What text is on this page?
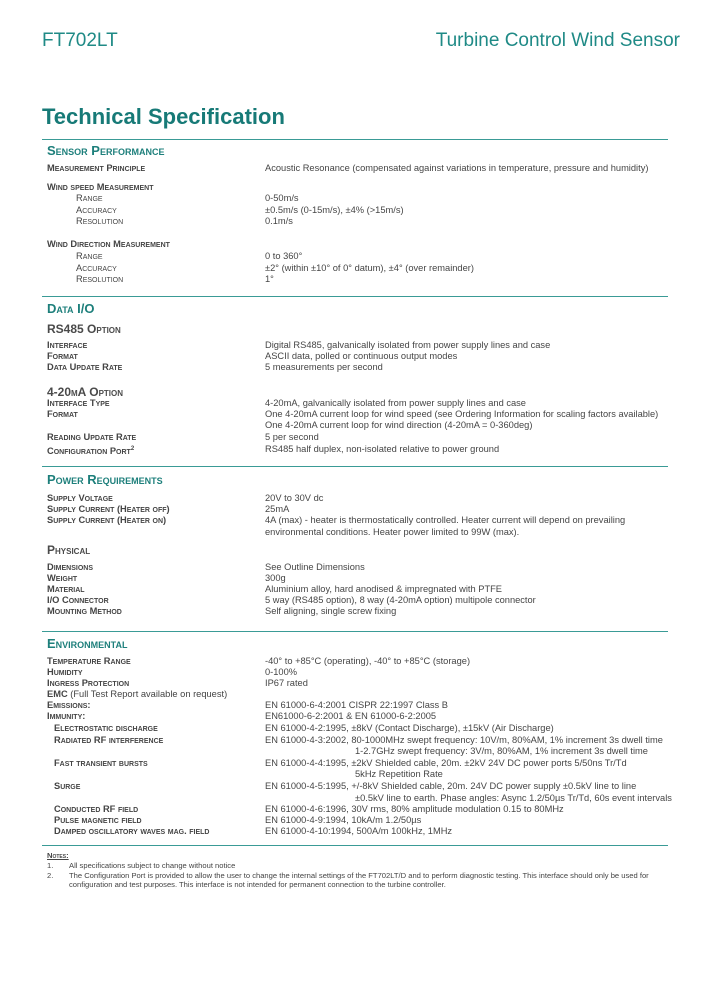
FT702LT	Turbine Control Wind Sensor
Technical Specification
Sensor Performance
Measurement Principle	Acoustic Resonance (compensated against variations in temperature, pressure and humidity)
Wind speed Measurement
Range	0-50m/s
Accuracy	±0.5m/s (0-15m/s), ±4% (>15m/s)
Resolution	0.1m/s
Wind Direction Measurement
Range	0 to 360°
Accuracy	±2° (within ±10° of 0° datum), ±4° (over remainder)
Resolution	1°
Data I/O
RS485 Option
Interface	Digital RS485, galvanically isolated from power supply lines and case
Format	ASCII data, polled or continuous output modes
Data Update Rate	5 measurements per second
4-20mA Option
Interface Type	4-20mA, galvanically isolated from power supply lines and case
Format	One 4-20mA current loop for wind speed (see Ordering Information for scaling factors available)
One 4-20mA current loop for wind direction (4-20mA = 0-360deg)
Reading Update Rate	5 per second
Configuration Port$^2$	RS485 half duplex, non-isolated relative to power ground
Power Requirements
Supply Voltage	20V to 30V dc
Supply Current (Heater off)	25mA
Supply Current (Heater on)	4A (max) - heater is thermostatically controlled. Heater current will depend on prevailing
environmental conditions. Heater power limited to 99W (max).
Physical
Dimensions	See Outline Dimensions
Weight	300g
Material	Aluminium alloy, hard anodised & impregnated with PTFE
I/O Connector	5 way (RS485 option), 8 way (4-20mA option) multipole connector
Mounting Method	Self aligning, single screw fixing
Environmental
Temperature Range	-40° to +85°C (operating), -40° to +85°C (storage)
Humidity	0-100%
Ingress Protection	IP67 rated
EMC (Full Test Report available on request)
Emissions:	EN 61000-6-4:2001 CISPR 22:1997 Class B
Immunity:	EN61000-6-2:2001 & EN 61000-6-2:2005
Electrostatic discharge	EN 61000-4-2:1995, ±8kV (Contact Discharge), ±15kV (Air Discharge)
Radiated RF interference	EN 61000-4-3:2002, 80-1000MHz swept frequency: 10V/m, 80%AM, 1% increment 3s dwell time
1-2.7GHz swept frequency: 3V/m, 80%AM, 1% increment 3s dwell time
Fast transient bursts	EN 61000-4-4:1995, ±2kV Shielded cable, 20m. ±2kV 24V DC power ports 5/50ns Tr/Td
5kHz Repetition Rate
Surge	EN 61000-4-5:1995, +/-8kV Shielded cable, 20m. 24V DC power supply ±0.5kV line to line
±0.5kV line to earth. Phase angles: Async 1.2/50µs Tr/Td, 60s event intervals
Conducted RF field	EN 61000-4-6:1996, 30V rms, 80% amplitude modulation 0.15 to 80MHz
Pulse magnetic field	EN 61000-4-9:1994, 10kA/m 1.2/50µs
Damped oscillatory waves mag. field	EN 61000-4-10:1994, 500A/m 100kHz, 1MHz
Notes:
1. All specifications subject to change without notice
2. The Configuration Port is provided to allow the user to change the internal settings of the FT702LT/D and to perform diagnostic testing. This interface should only be used for configuration and test purposes. This interface is not intended for permanent connection to the turbine controller.
